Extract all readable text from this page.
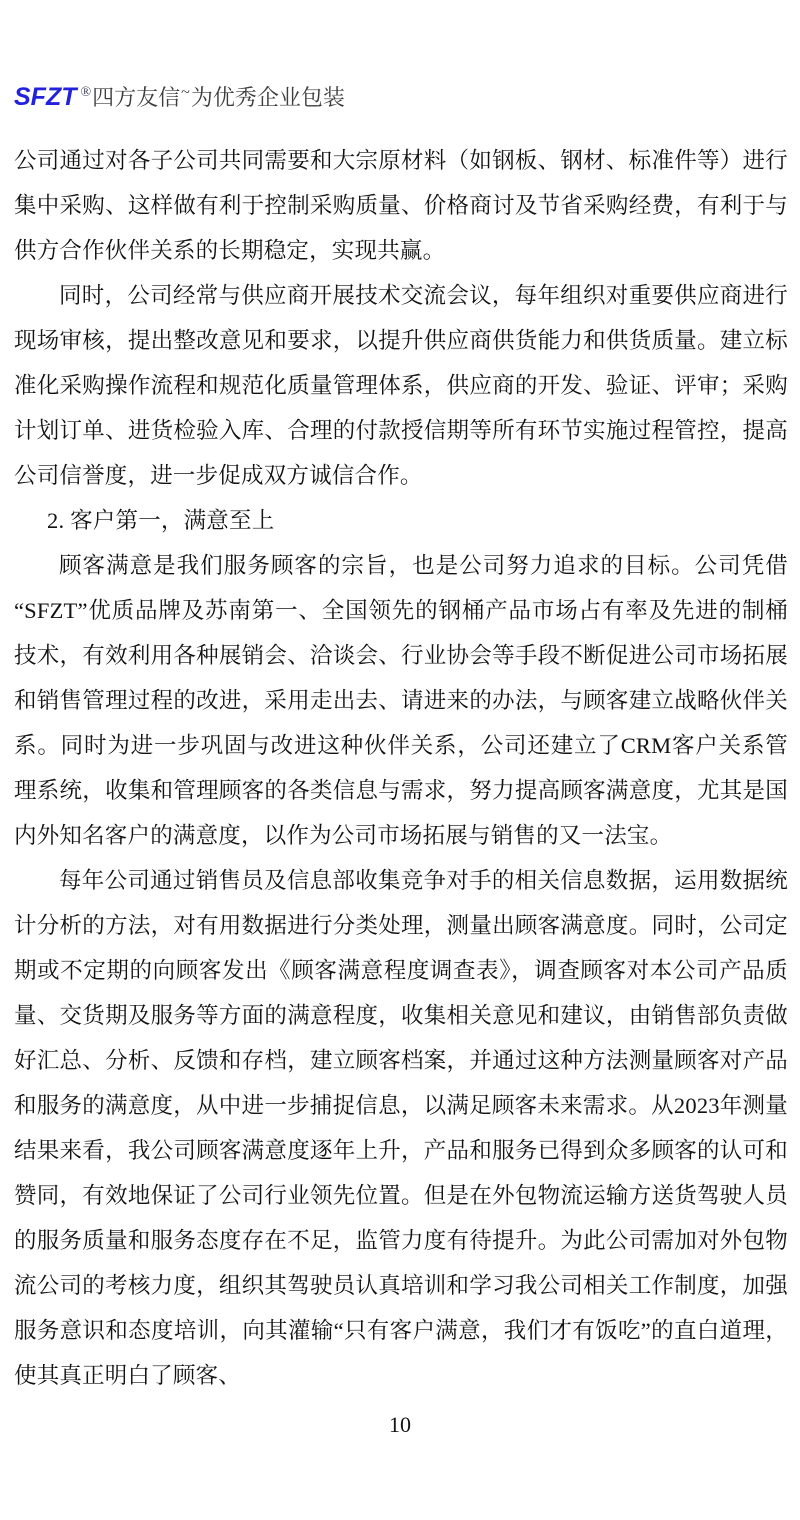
SFZT ®四方友信~为优秀企业包装

公司通过对各子公司共同需要和大宗原材料（如钢板、钢材、标准件等）进行集中采购、这样做有利于控制采购质量、价格商讨及节省采购经费，有利于与供方合作伙伴关系的长期稳定，实现共赢。

同时，公司经常与供应商开展技术交流会议，每年组织对重要供应商进行现场审核，提出整改意见和要求，以提升供应商供货能力和供货质量。建立标准化采购操作流程和规范化质量管理体系，供应商的开发、验证、评审；采购计划订单、进货检验入库、合理的付款授信期等所有环节实施过程管控，提高公司信誉度，进一步促成双方诚信合作。

2. 客户第一，满意至上

顾客满意是我们服务顾客的宗旨，也是公司努力追求的目标。公司凭借“SFZT”优质品牌及苏南第一、全国领先的钢桶产品市场占有率及先进的制桶技术，有效利用各种展销会、洽谈会、行业协会等手段不断促进公司市场拓展和销售管理过程的改进，采用走出去、请进来的办法，与顾客建立战略伙伴关系。同时为进一步巩固与改进这种伙伴关系，公司还建立了CRM客户关系管理系统，收集和管理顾客的各类信息与需求，努力提高顾客满意度，尤其是国内外知名客户的满意度，以作为公司市场拓展与销售的又一法宝。

每年公司通过销售员及信息部收集竞争对手的相关信息数据，运用数据统计分析的方法，对有用数据进行分类处理，测量出顾客满意度。同时，公司定期或不定期的向顾客发出《顾客满意程度调查表》，调查顾客对本公司产品质量、交货期及服务等方面的满意程度，收集相关意见和建议，由销售部负责做好汇总、分析、反馈和存档，建立顾客档案，并通过这种方法测量顾客对产品和服务的满意度，从中进一步捕捉信息，以满足顾客未来需求。从2023年测量结果来看，我公司顾客满意度逐年上升，产品和服务已得到众多顾客的认可和赞同，有效地保证了公司行业领先位置。但是在外包物流运输方送货驾驶人员的服务质量和服务态度存在不足，监管力度有待提升。为此公司需加对外包物流公司的考核力度，组织其驾驶员认真培训和学习我公司相关工作制度，加强服务意识和态度培训，向其灌输“只有客户满意，我们才有饭吃”的直白道理，使其真正明白了顾客、

10
